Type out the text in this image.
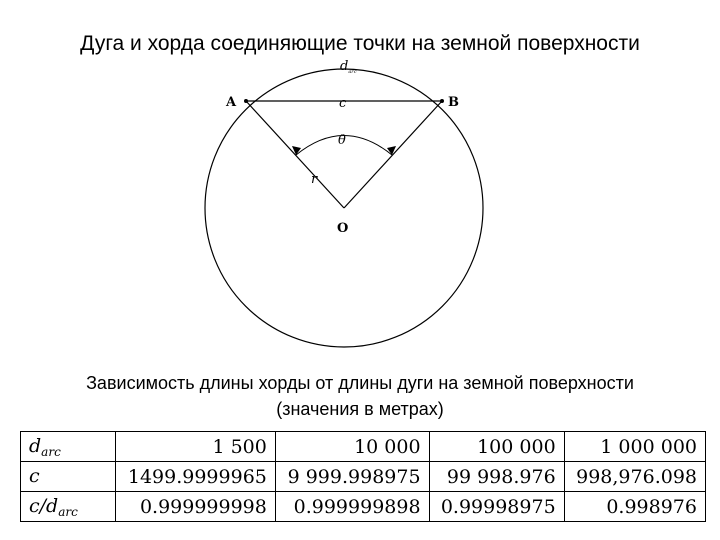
Дуга и хорда соединяющие точки на земной поверхности
$d_{arc}$
A	B
c
θ
r
O
Зависимость длины хорды от длины дуги на земной поверхности
(значения в метрах)
$d_{arc}$	1 500	10 000	100 000	1 000 000
c	1499.9999965	9 999.998975	99 998.976	998,976.098
$c/d_{arc}$	0.999999998	0.999999898	0.99998975	0.998976
